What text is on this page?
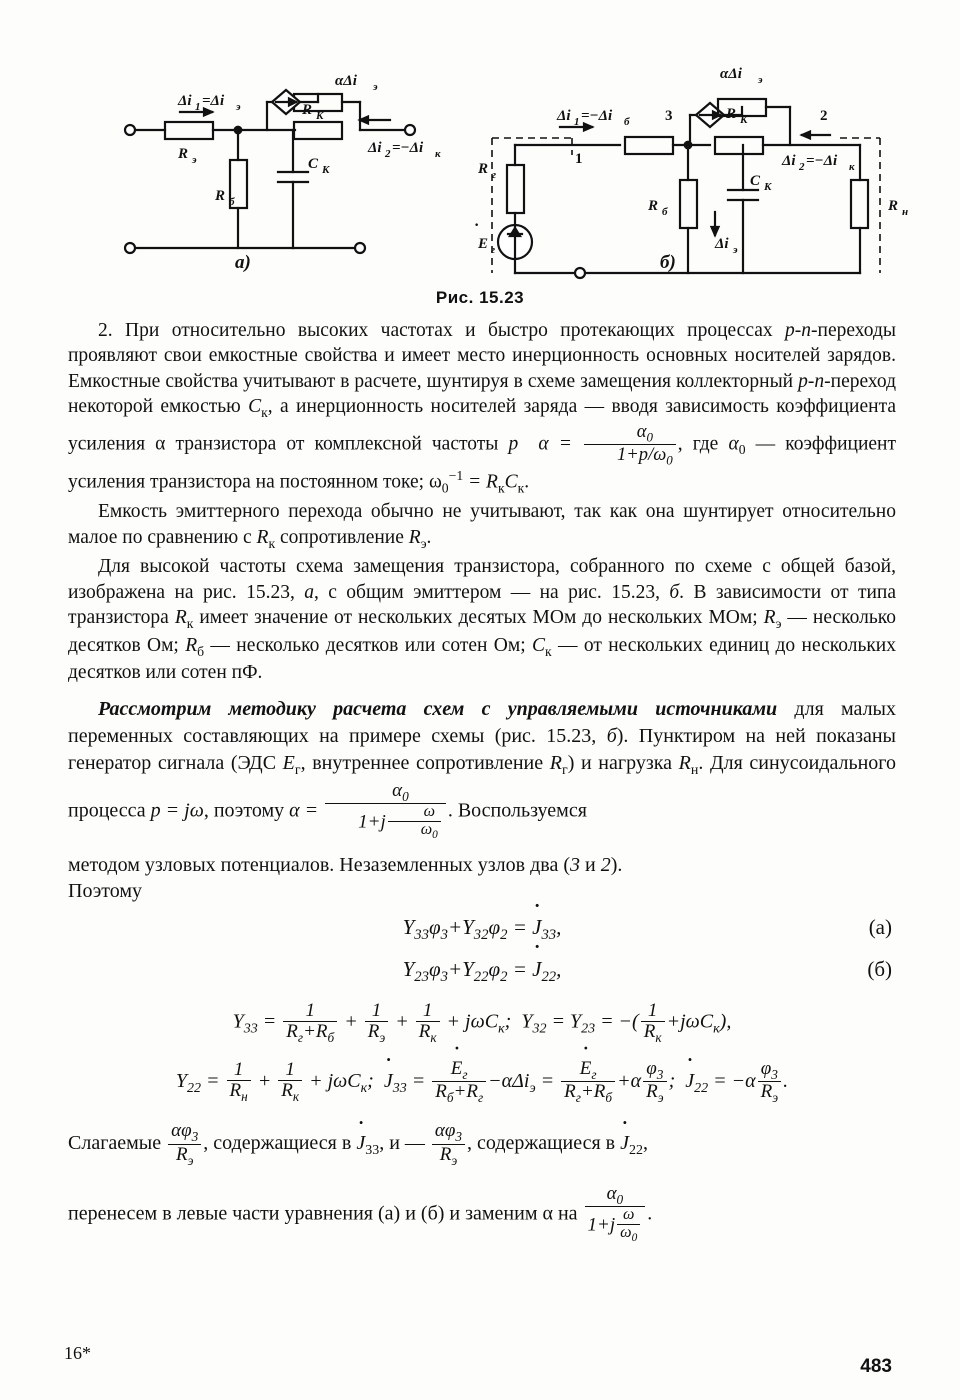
αΔi э
R К
C К
Δi 1 =Δi э
R э
R б
Δi 2 =−Δi к
αΔi э
R К
C К
Δi 1 =−Δi б 3
1
2
R г
R б
E г
·
Δi э
R н
Δi 2 =−Δi к
а)	б)
Рис. 15.23

2. При относительно высоких частотах и быстро протекающих процессах p-n-переходы проявляют свои емкостные свойства и имеет место инерционность основных носителей зарядов. Емкостные свойства учитывают в расчете, шунтируя в схеме замещения коллекторный p-n-переход некоторой емкостью $C_к$, а инерционность носителей заряда — вводя зависимость коэффициента усиления α транзистора от комплексной частоты p $\alpha = \frac{\alpha_0}{1+p/\omega_0}$ , где $\alpha_0$ — коэффициент усиления транзистора на постоянном токе; $\omega_0^{-1} = R_кC_к$.

Емкость эмиттерного перехода обычно не учитывают, так как она шунтирует относительно малое по сравнению с $R_к$ сопротивление $R_э$.

Для высокой частоты схема замещения транзистора, собранного по схеме с общей базой, изображена на рис. 15.23, а, с общим эмиттером — на рис. 15.23, б. В зависимости от типа транзистора $R_к$ имеет значение от нескольких десятых МОм до нескольких МОм; $R_э$ — несколько десятков Ом; $R_б$ — несколько десятков или сотен Ом; $C_к$ — от нескольких единиц до нескольких десятков или сотен пФ.

Рассмотрим методику расчета схем с управляемыми источниками для малых переменных составляющих на примере схемы (рис. 15.23, б). Пунктиром на ней показаны генератор сигнала (ЭДС $E_г$, внутреннее сопротивление $R_г$) и нагрузка $R_н$. Для синусоидального процесса p = jω, поэтому $\alpha = \frac{\alpha_0}{1+j \frac{\omega}{\omega_0}}$ . Воспользуемся

методом узловых потенциалов. Незаземленных узлов два (3 и 2).
Поэтому

$Y_{33}\varphi_3+Y_{32}\varphi_2$ = · $J_{33}$,	(а)
$Y_{23}\varphi_3+Y_{22}\varphi_2$ = · $J_{22}$,	(б)
$Y_{33} = \frac{1}{R_г+R_б} + \frac{1}{R_э} + \frac{1}{R_к} + j\omega C_к$;  $Y_{32} = Y_{23}$ = −( $\frac{1}{R_к} +j\omega C_к$),
$Y_{22} = \frac{1}{R_н} + \frac{1}{R_к} + j\omega C_к$;  · $J_{33}$ = · $\frac{E_г}{R_б+R_г} -\alpha\Delta i_э$ = · $\frac{E_г}{R_г+R_б} +\alpha \frac{\varphi_3}{R_э}$ ;  · $J_{22} = -\alpha \frac{\varphi_3}{R_э}$ .

Слагаемые $\frac{\alpha\varphi_3}{R_э}$ , содержащиеся $в \cdot J_{33}$, и — $\frac{\alpha\varphi_3}{R_э}$ , содержащиеся $в \cdot J_{22}$,

перенесем в левые части уравнения (а) и (б) и заменим α на $\frac{\alpha_0}{1+j \frac{\omega}{\omega_0}}$ .

16*
483
